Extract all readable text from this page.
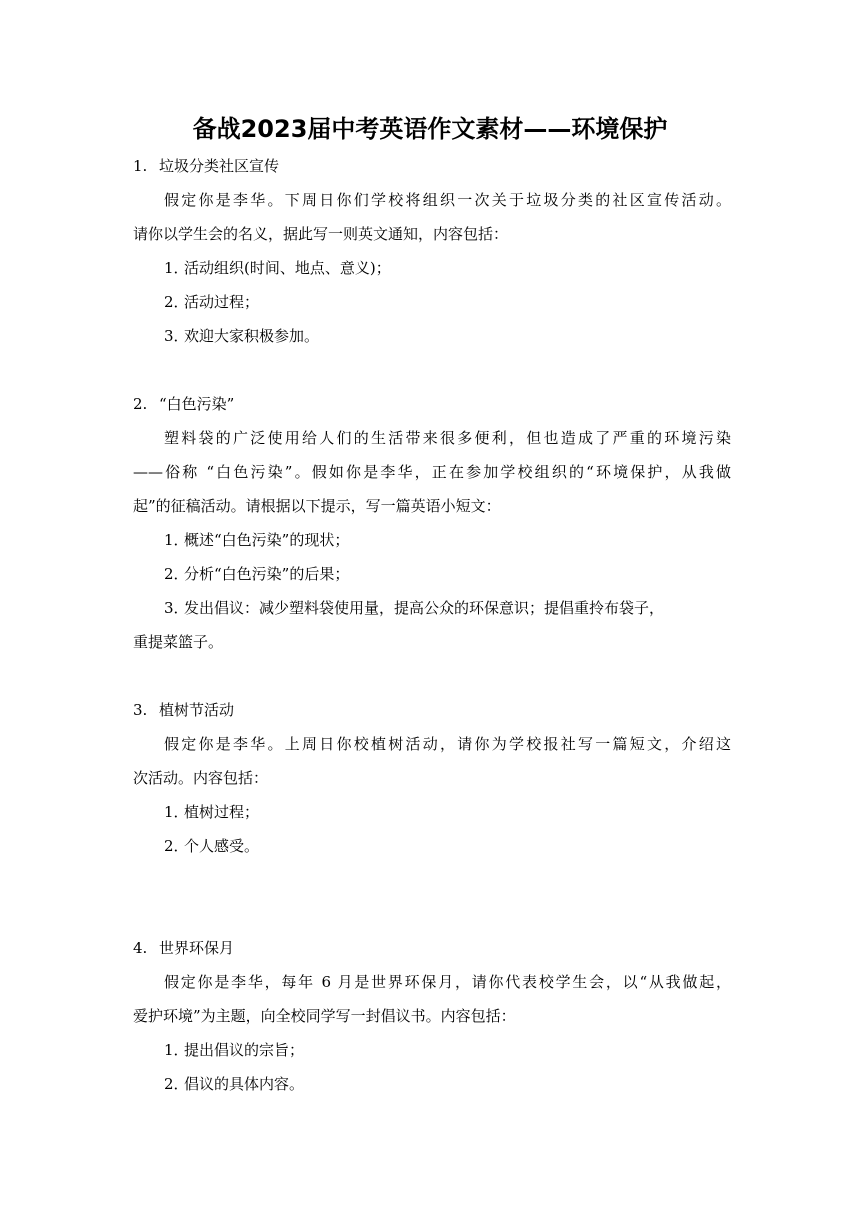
备战2023届中考英语作文素材——环境保护
1. 垃圾分类社区宣传
假定你是李华。下周日你们学校将组织一次关于垃圾分类的社区宣传活动。
请你以学生会的名义，据此写一则英文通知，内容包括：
1．活动组织(时间、地点、意义)；
2．活动过程；
3．欢迎大家积极参加。
2. “白色污染”
塑料袋的广泛使用给人们的生活带来很多便利，但也造成了严重的环境污染
——俗称 “白色污染”。假如你是李华，正在参加学校组织的“环境保护，从我做
起”的征稿活动。请根据以下提示，写一篇英语小短文：
1．概述“白色污染”的现状；
2．分析“白色污染”的后果；
3．发出倡议：减少塑料袋使用量，提高公众的环保意识；提倡重拎布袋子，
重提菜篮子。
3. 植树节活动
假定你是李华。上周日你校植树活动，请你为学校报社写一篇短文，介绍这
次活动。内容包括：
1．植树过程；
2．个人感受。
4. 世界环保月
假定你是李华，每年 6 月是世界环保月，请你代表校学生会，以“从我做起，
爱护环境”为主题，向全校同学写一封倡议书。内容包括：
1．提出倡议的宗旨；
2．倡议的具体内容。
